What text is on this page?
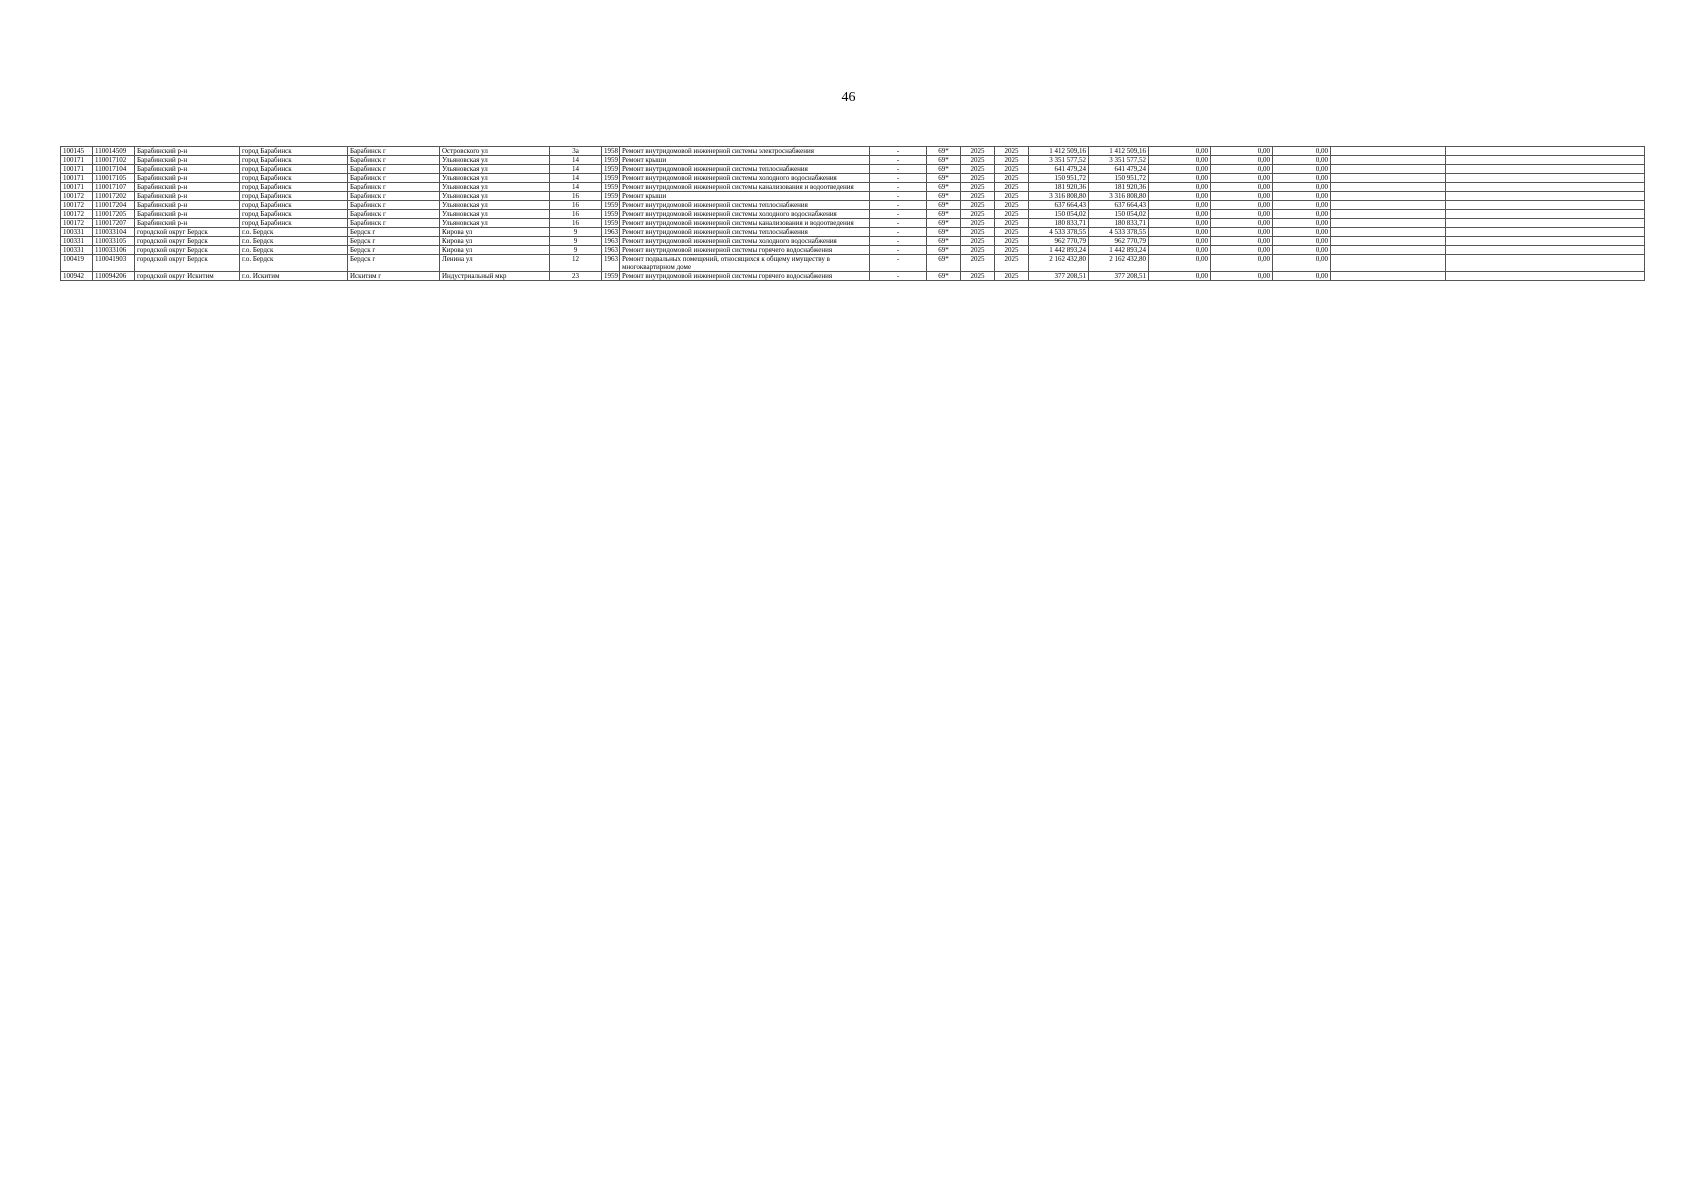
46
100145	110014509	Барабинский р-н	город Барабинск	Барабинск г	Островского ул	3а	1958	Ремонт внутридомовой инженерной системы электроснабжения	-	69*	2025	2025	1 412 509,16	1 412 509,16	0,00	0,00	0,00		
100171	110017102	Барабинский р-н	город Барабинск	Барабинск г	Ульяновская ул	14	1959	Ремонт крыши	-	69*	2025	2025	3 351 577,52	3 351 577,52	0,00	0,00	0,00		
100171	110017104	Барабинский р-н	город Барабинск	Барабинск г	Ульяновская ул	14	1959	Ремонт внутридомовой инженерной системы теплоснабжения	-	69*	2025	2025	641 479,24	641 479,24	0,00	0,00	0,00		
100171	110017105	Барабинский р-н	город Барабинск	Барабинск г	Ульяновская ул	14	1959	Ремонт внутридомовой инженерной системы холодного водоснабжения	-	69*	2025	2025	150 951,72	150 951,72	0,00	0,00	0,00		
100171	110017107	Барабинский р-н	город Барабинск	Барабинск г	Ульяновская ул	14	1959	Ремонт внутридомовой инженерной системы канализования и водоотведения	-	69*	2025	2025	181 920,36	181 920,36	0,00	0,00	0,00		
100172	110017202	Барабинский р-н	город Барабинск	Барабинск г	Ульяновская ул	16	1959	Ремонт крыши	-	69*	2025	2025	3 316 808,80	3 316 808,80	0,00	0,00	0,00		
100172	110017204	Барабинский р-н	город Барабинск	Барабинск г	Ульяновская ул	16	1959	Ремонт внутридомовой инженерной системы теплоснабжения	-	69*	2025	2025	637 664,43	637 664,43	0,00	0,00	0,00		
100172	110017205	Барабинский р-н	город Барабинск	Барабинск г	Ульяновская ул	16	1959	Ремонт внутридомовой инженерной системы холодного водоснабжения	-	69*	2025	2025	150 054,02	150 054,02	0,00	0,00	0,00		
100172	110017207	Барабинский р-н	город Барабинск	Барабинск г	Ульяновская ул	16	1959	Ремонт внутридомовой инженерной системы канализования и водоотведения	-	69*	2025	2025	180 833,71	180 833,71	0,00	0,00	0,00		
100331	110033104	городской округ Бердск	г.о. Бердск	Бердск г	Кирова ул	9	1963	Ремонт внутридомовой инженерной системы теплоснабжения	-	69*	2025	2025	4 533 378,55	4 533 378,55	0,00	0,00	0,00		
100331	110033105	городской округ Бердск	г.о. Бердск	Бердск г	Кирова ул	9	1963	Ремонт внутридомовой инженерной системы холодного водоснабжения	-	69*	2025	2025	962 770,79	962 770,79	0,00	0,00	0,00		
100331	110033106	городской округ Бердск	г.о. Бердск	Бердск г	Кирова ул	9	1963	Ремонт внутридомовой инженерной системы горячего водоснабжения	-	69*	2025	2025	1 442 893,24	1 442 893,24	0,00	0,00	0,00		
100419	110041903	городской округ Бердск	г.о. Бердск	Бердск г	Ленина ул	12	1963	Ремонт подвальных помещений, относящихся к общему имуществу в многоквартирном доме	-	69*	2025	2025	2 162 432,80	2 162 432,80	0,00	0,00	0,00		
100942	110094206	городской округ Искитим	г.о. Искитим	Искитим г	Индустриальный мкр	23	1959	Ремонт внутридомовой инженерной системы горячего водоснабжения	-	69*	2025	2025	377 208,51	377 208,51	0,00	0,00	0,00		
